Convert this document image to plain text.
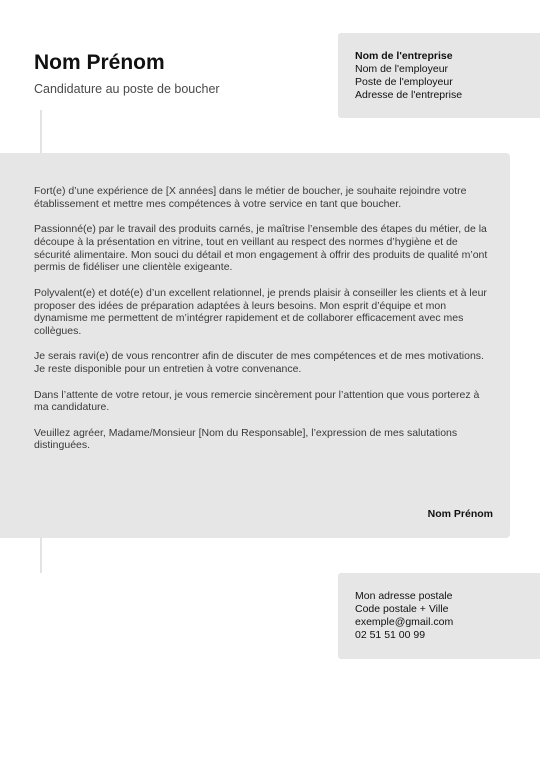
Nom Prénom
Candidature au poste de boucher
Nom de l'entreprise
Nom de l'employeur
Poste de l'employeur
Adresse de l'entreprise

Fort(e) d’une expérience de [X années] dans le métier de boucher, je souhaite rejoindre votre établissement et mettre mes compétences à votre service en tant que boucher.

Passionné(e) par le travail des produits carnés, je maîtrise l’ensemble des étapes du métier, de la découpe à la présentation en vitrine, tout en veillant au respect des normes d’hygiène et de sécurité alimentaire. Mon souci du détail et mon engagement à offrir des produits de qualité m’ont permis de fidéliser une clientèle exigeante.

Polyvalent(e) et doté(e) d’un excellent relationnel, je prends plaisir à conseiller les clients et à leur proposer des idées de préparation adaptées à leurs besoins. Mon esprit d’équipe et mon dynamisme me permettent de m’intégrer rapidement et de collaborer efficacement avec mes collègues.

Je serais ravi(e) de vous rencontrer afin de discuter de mes compétences et de mes motivations. Je reste disponible pour un entretien à votre convenance.

Dans l’attente de votre retour, je vous remercie sincèrement pour l’attention que vous porterez à ma candidature.

Veuillez agréer, Madame/Monsieur [Nom du Responsable], l’expression de mes salutations distinguées.

Nom Prénom
Mon adresse postale
Code postale + Ville
exemple@gmail.com
02 51 51 00 99
